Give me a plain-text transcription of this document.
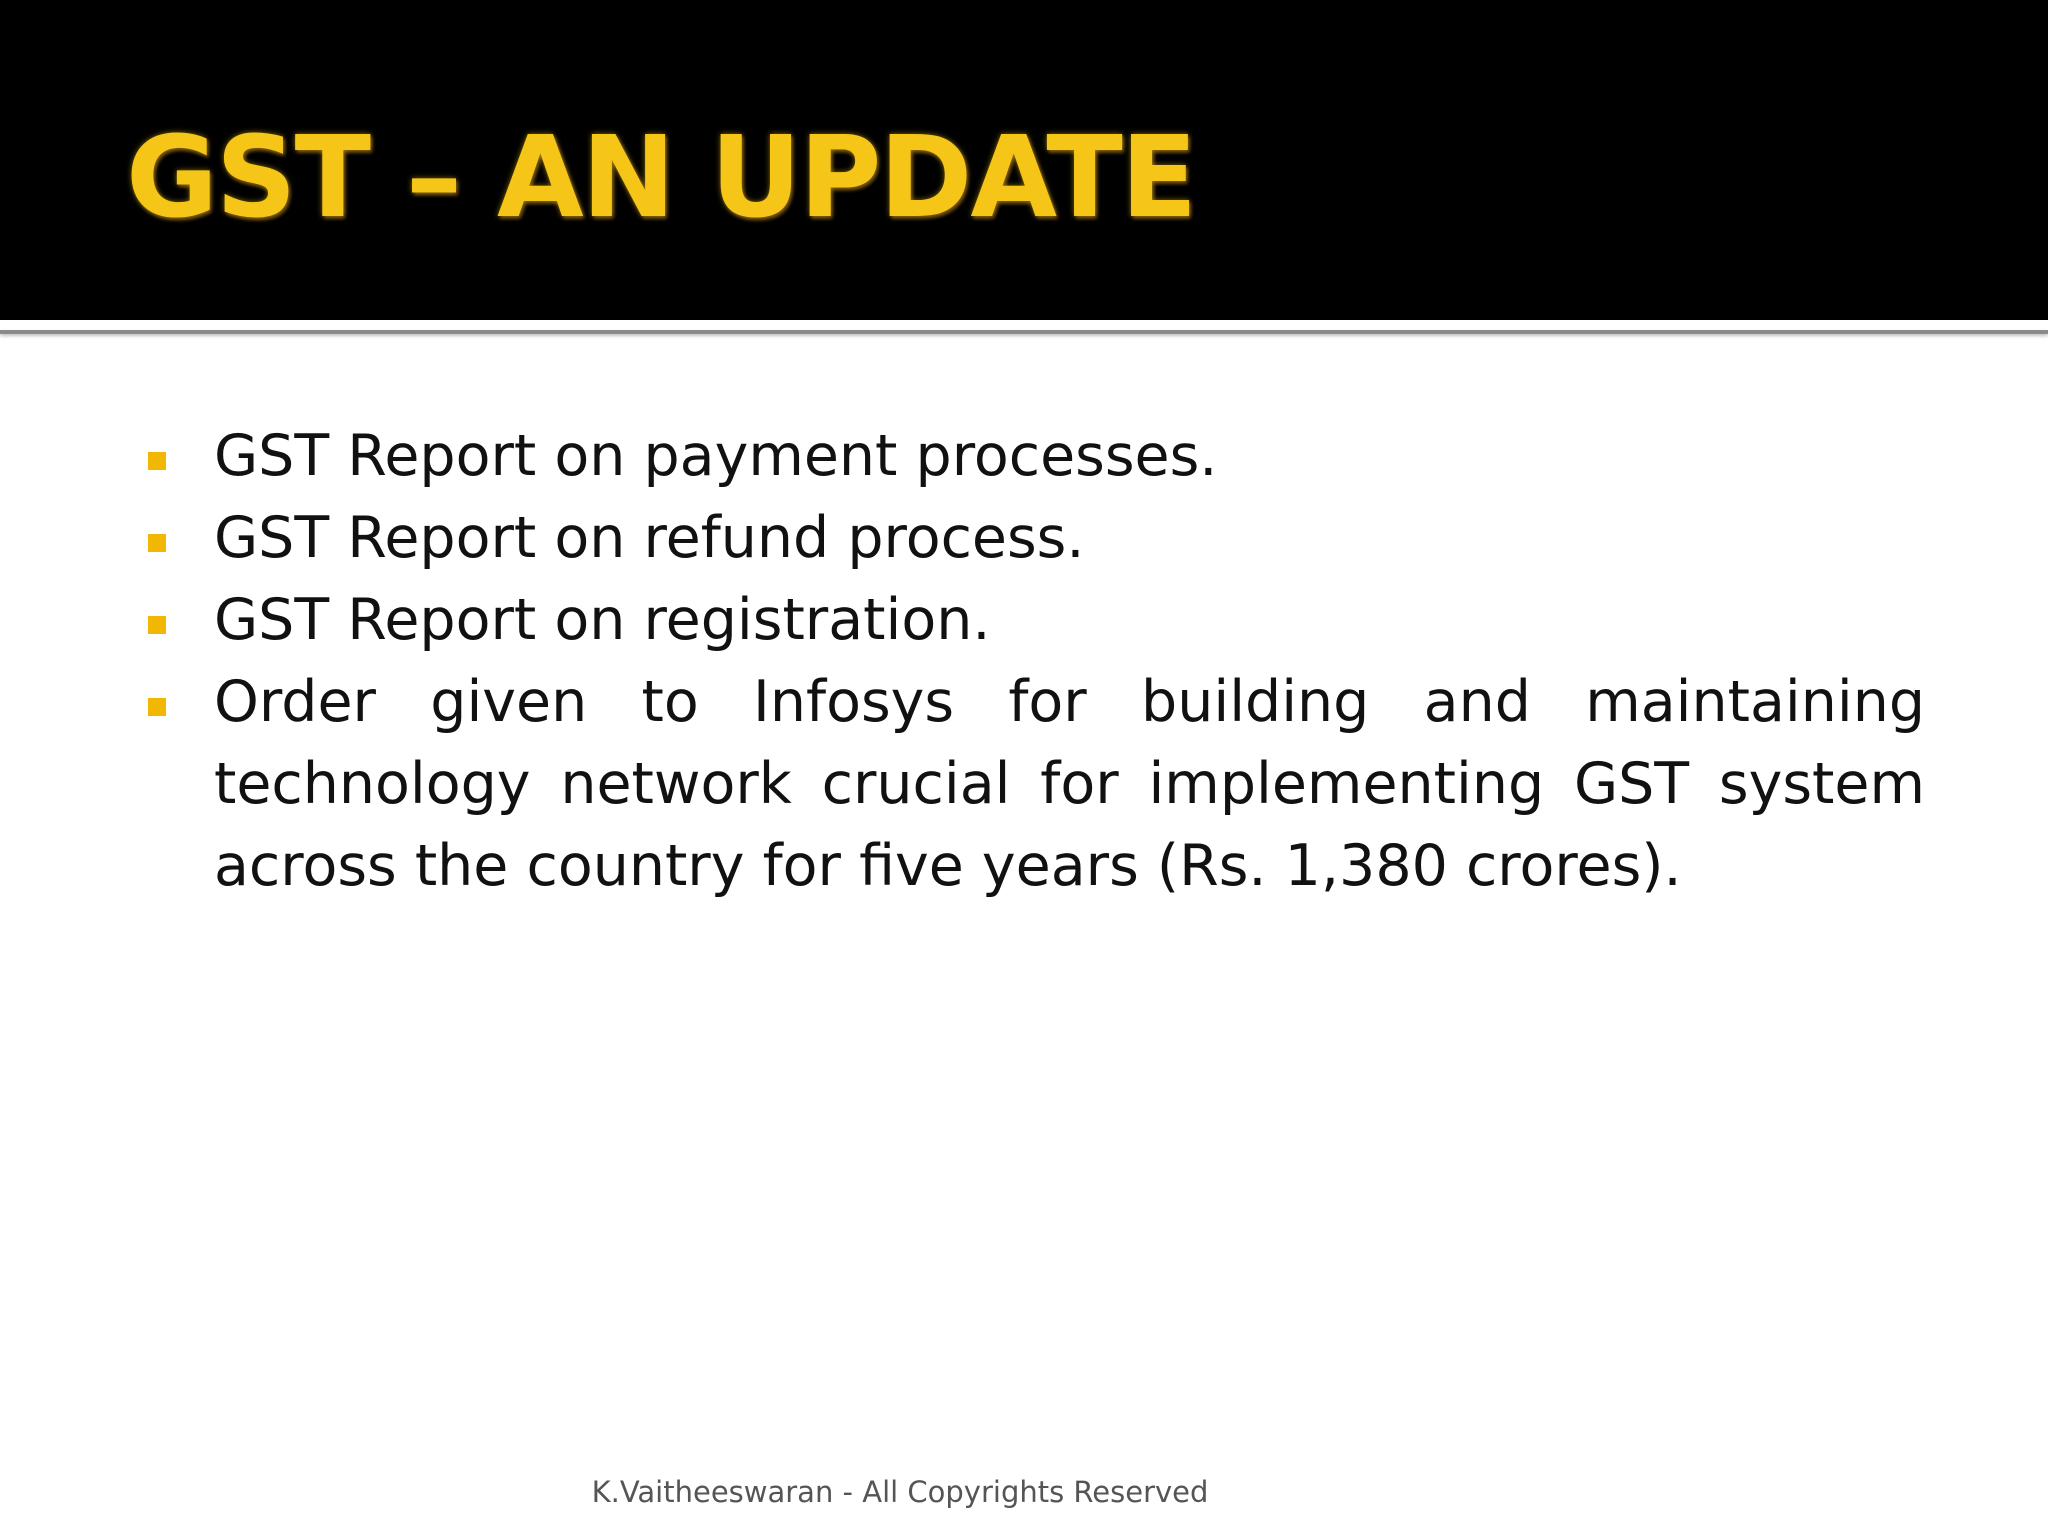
GST – AN UPDATE
GST Report on payment processes.
GST Report on refund process.
GST Report on registration.
Order given to Infosys for building and maintaining technology network crucial for implementing GST system across the country for five years (Rs. 1,380 crores).
K.Vaitheeswaran - All Copyrights Reserved
